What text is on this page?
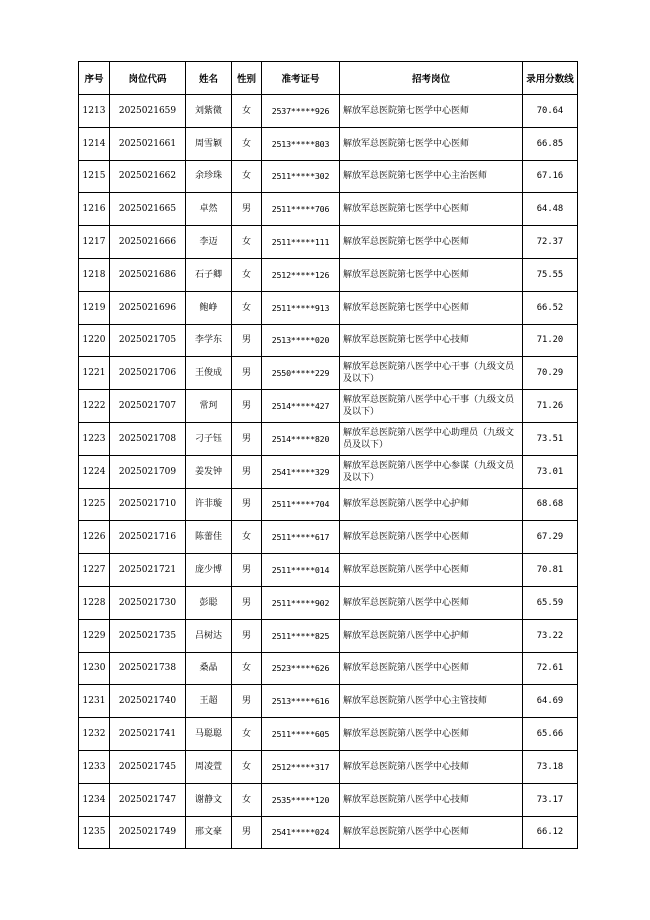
序号	岗位代码	姓名	性别	准考证号	招考岗位	录用分数线
1213	2025021659	刘紫微	女	2537*****926	解放军总医院第七医学中心医师	70.64
1214	2025021661	周雪颖	女	2513*****803	解放军总医院第七医学中心医师	66.85
1215	2025021662	余珍珠	女	2511*****302	解放军总医院第七医学中心主治医师	67.16
1216	2025021665	卓然	男	2511*****706	解放军总医院第七医学中心医师	64.48
1217	2025021666	李迈	女	2511*****111	解放军总医院第七医学中心医师	72.37
1218	2025021686	石子卿	女	2512*****126	解放军总医院第七医学中心医师	75.55
1219	2025021696	鲍峥	女	2511*****913	解放军总医院第七医学中心医师	66.52
1220	2025021705	李学东	男	2513*****020	解放军总医院第七医学中心技师	71.20
1221	2025021706	王俊成	男	2550*****229	解放军总医院第八医学中心干事（九级文员及以下）	70.29
1222	2025021707	常珂	男	2514*****427	解放军总医院第八医学中心干事（九级文员及以下）	71.26
1223	2025021708	刁子钰	男	2514*****820	解放军总医院第八医学中心助理员（九级文员及以下）	73.51
1224	2025021709	姜发钟	男	2541*****329	解放军总医院第八医学中心参谋（九级文员及以下）	73.01
1225	2025021710	许非璇	男	2511*****704	解放军总医院第八医学中心护师	68.68
1226	2025021716	陈蕾佳	女	2511*****617	解放军总医院第八医学中心医师	67.29
1227	2025021721	庞少博	男	2511*****014	解放军总医院第八医学中心医师	70.81
1228	2025021730	彭聪	男	2511*****902	解放军总医院第八医学中心医师	65.59
1229	2025021735	吕树达	男	2511*****825	解放军总医院第八医学中心护师	73.22
1230	2025021738	桑晶	女	2523*****626	解放军总医院第八医学中心医师	72.61
1231	2025021740	王超	男	2513*****616	解放军总医院第八医学中心主管技师	64.69
1232	2025021741	马聪聪	女	2511*****605	解放军总医院第八医学中心医师	65.66
1233	2025021745	周凌萱	女	2512*****317	解放军总医院第八医学中心技师	73.18
1234	2025021747	谢静文	女	2535*****120	解放军总医院第八医学中心技师	73.17
1235	2025021749	邢文豪	男	2541*****024	解放军总医院第八医学中心医师	66.12
